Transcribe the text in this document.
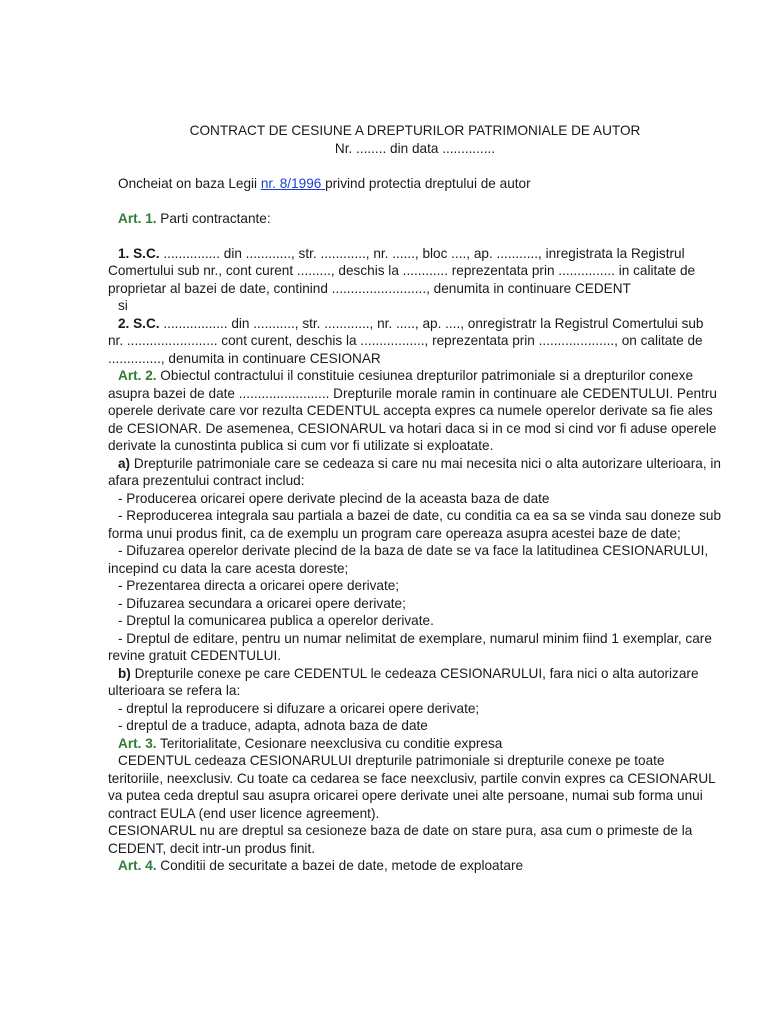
CONTRACT DE CESIUNE A DREPTURILOR PATRIMONIALE DE AUTOR

Nr. ........ din data ..............

Oncheiat on baza Legii nr. 8/1996 privind protectia dreptului de autor

Art. 1. Parti contractante:

1. S.C. ............... din ............, str. ............, nr. ......, bloc ...., ap. ..........., inregistrata la Registrul Comertului sub nr., cont curent ........., deschis la ............ reprezentata prin ............... in calitate de proprietar al bazei de date, continind ........................., denumita in continuare CEDENT

si

2. S.C. ................. din ..........., str. ............, nr. ....., ap. ...., onregistratr la Registrul Comertului sub nr. ........................ cont curent, deschis la ................., reprezentata prin ...................., on calitate de .............., denumita in continuare CESIONAR

Art. 2. Obiectul contractului il constituie cesiunea drepturilor patrimoniale si a drepturilor conexe asupra bazei de date ........................ Drepturile morale ramin in continuare ale CEDENTULUI. Pentru operele derivate care vor rezulta CEDENTUL accepta expres ca numele operelor derivate sa fie ales de CESIONAR. De asemenea, CESIONARUL va hotari daca si in ce mod si cind vor fi aduse operele derivate la cunostinta publica si cum vor fi utilizate si exploatate.

a) Drepturile patrimoniale care se cedeaza si care nu mai necesita nici o alta autorizare ulterioara, in afara prezentului contract includ:

- Producerea oricarei opere derivate plecind de la aceasta baza de date

- Reproducerea integrala sau partiala a bazei de date, cu conditia ca ea sa se vinda sau doneze sub forma unui produs finit, ca de exemplu un program care opereaza asupra acestei baze de date;

- Difuzarea operelor derivate plecind de la baza de date se va face la latitudinea CESIONARULUI, incepind cu data la care acesta doreste;

- Prezentarea directa a oricarei opere derivate;

- Difuzarea secundara a oricarei opere derivate;

- Dreptul la comunicarea publica a operelor derivate.

- Dreptul de editare, pentru un numar nelimitat de exemplare, numarul minim fiind 1 exemplar, care revine gratuit CEDENTULUI.

b) Drepturile conexe pe care CEDENTUL le cedeaza CESIONARULUI, fara nici o alta autorizare ulterioara se refera la:

- dreptul la reproducere si difuzare a oricarei opere derivate;

- dreptul de a traduce, adapta, adnota baza de date

Art. 3. Teritorialitate, Cesionare neexclusiva cu conditie expresa

CEDENTUL cedeaza CESIONARULUI drepturile patrimoniale si drepturile conexe pe toate teritoriile, neexclusiv. Cu toate ca cedarea se face neexclusiv, partile convin expres ca CESIONARUL va putea ceda dreptul sau asupra oricarei opere derivate unei alte persoane, numai sub forma unui contract EULA (end user licence agreement).

CESIONARUL nu are dreptul sa cesioneze baza de date on stare pura, asa cum o primeste de la CEDENT, decit intr-un produs finit.

Art. 4. Conditii de securitate a bazei de date, metode de exploatare
